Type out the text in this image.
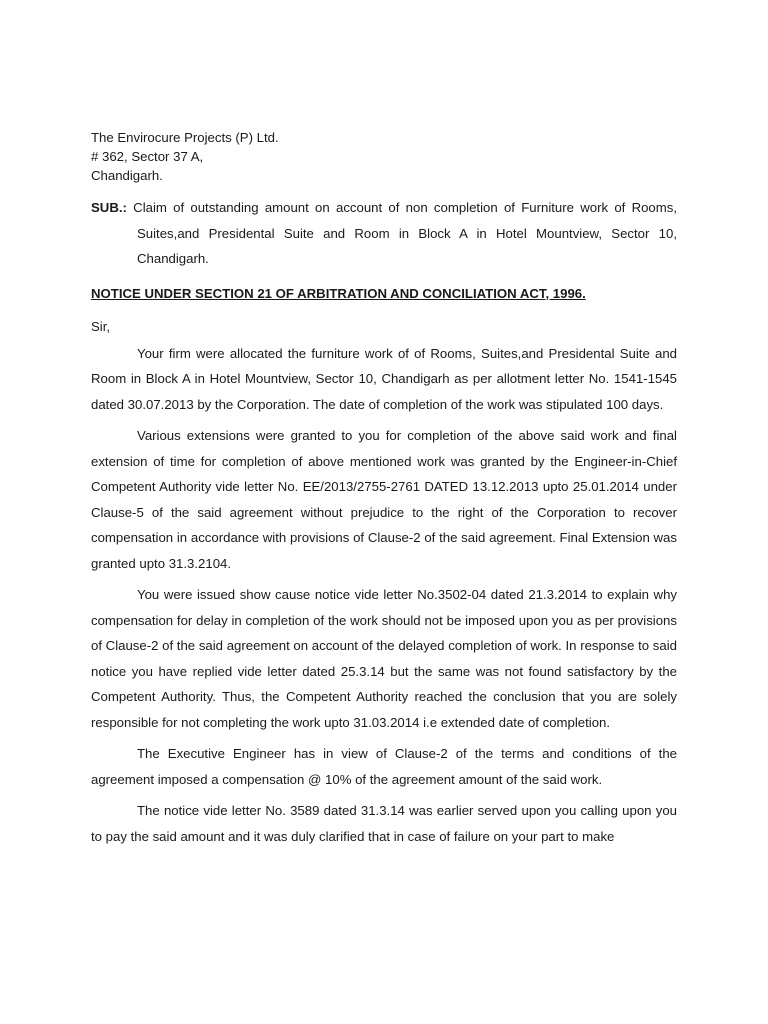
The Envirocure Projects (P) Ltd.

# 362, Sector 37 A,

Chandigarh.

SUB.: Claim of outstanding amount on account of non completion of Furniture work of Rooms, Suites,and Presidental Suite and Room in Block A in Hotel Mountview, Sector 10, Chandigarh.
NOTICE UNDER SECTION 21 OF ARBITRATION AND CONCILIATION ACT, 1996.
Sir,

Your firm were allocated the furniture work of of Rooms, Suites,and Presidental Suite and Room in Block A in Hotel Mountview, Sector 10, Chandigarh as per allotment letter No. 1541-1545 dated 30.07.2013 by the Corporation. The date of completion of the work was stipulated 100 days.

Various extensions were granted to you for completion of the above said work and final extension of time for completion of above mentioned work was granted by the Engineer-in-Chief Competent Authority vide letter No. EE/2013/2755-2761 DATED 13.12.2013 upto 25.01.2014 under Clause-5 of the said agreement without prejudice to the right of the Corporation to recover compensation in accordance with provisions of Clause-2 of the said agreement. Final Extension was granted upto 31.3.2104.

You were issued show cause notice vide letter No.3502-04 dated 21.3.2014 to explain why compensation for delay in completion of the work should not be imposed upon you as per provisions of Clause-2 of the said agreement on account of the delayed completion of work. In response to said notice you have replied vide letter dated 25.3.14 but the same was not found satisfactory by the Competent Authority. Thus, the Competent Authority reached the conclusion that you are solely responsible for not completing the work upto 31.03.2014 i.e extended date of completion.

The Executive Engineer has in view of Clause-2 of the terms and conditions of the agreement imposed a compensation @ 10% of the agreement amount of the said work.

The notice vide letter No. 3589 dated 31.3.14 was earlier served upon you calling upon you to pay the said amount and it was duly clarified that in case of failure on your part to make
